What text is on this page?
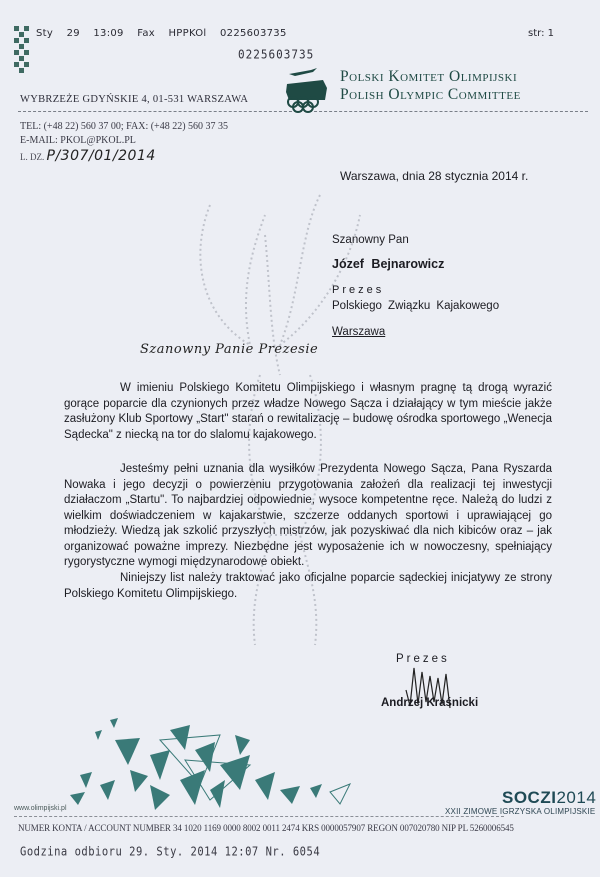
Sty 29 13:09 Fax HPPKOl 0225603735	str: 1
0225603735
WYBRZEŻE GDYŃSKIE 4, 01-531 WARSZAWA
Polski Komitet Olimpijski
Polish Olympic Committee
TEL: (+48 22) 560 37 00; FAX: (+48 22) 560 37 35
E-MAIL: PKOL@PKOL.PL
L. DZ. P/307/01/2014
Warszawa, dnia 28 stycznia 2014 r.
Szanowny Pan
Józef Bejnarowicz
Prezes
Polskiego Związku Kajakowego
Warszawa
Szanowny Panie Prezesie
W imieniu Polskiego Komitetu Olimpijskiego i własnym pragnę tą drogą wyrazić gorące poparcie dla czynionych przez władze Nowego Sącza i działający w tym mieście jakże zasłużony Klub Sportowy „Start" starań o rewitalizację – budowę ośrodka sportowego „Wenecja Sądecka" z niecką na tor do slalomu kajakowego.
Jesteśmy pełni uznania dla wysiłków Prezydenta Nowego Sącza, Pana Ryszarda Nowaka i jego decyzji o powierzeniu przygotowania założeń dla realizacji tej inwestycji działaczom „Startu". To najbardziej odpowiednie, wysoce kompetentne ręce. Należą do ludzi z wielkim doświadczeniem w kajakarstwie, szczerze oddanych sportowi i uprawiającej go młodzieży. Wiedzą jak szkolić przyszłych mistrzów, jak pozyskiwać dla nich kibiców oraz – jak organizować poważne imprezy. Niezbędne jest wyposażenie ich w nowoczesny, spełniający rygorystyczne wymogi międzynarodowe obiekt.
Niniejszy list należy traktować jako oficjalne poparcie sądeckiej inicjatywy ze strony Polskiego Komitetu Olimpijskiego.
Prezes
Andrzej Kraśnicki
www.olimpijski.pl
SOCZI2014
XXII ZIMOWE IGRZYSKA OLIMPIJSKIE
NUMER KONTA / ACCOUNT NUMBER 34 1020 1169 0000 8002 0011 2474 KRS 0000057907 REGON 007020780 NIP PL 5260006545
Godzina odbioru 29. Sty. 2014 12:07 Nr. 6054
